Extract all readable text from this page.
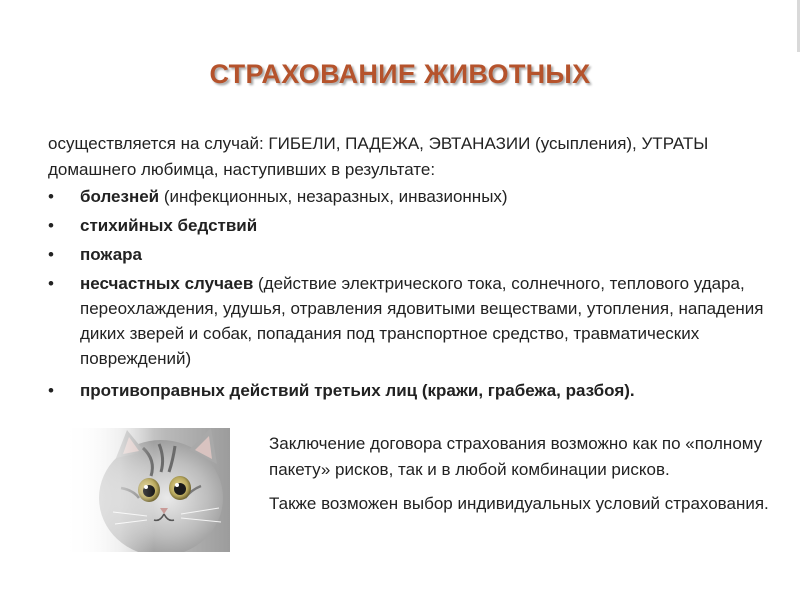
СТРАХОВАНИЕ ЖИВОТНЫХ
осуществляется на случай: ГИБЕЛИ, ПАДЕЖА, ЭВТАНАЗИИ (усыпления), УТРАТЫ домашнего любимца, наступивших в результате:
• болезней (инфекционных, незаразных, инвазионных)
• стихийных бедствий
• пожара
• несчастных случаев (действие электрического тока, солнечного, теплового удара, переохлаждения, удушья, отравления ядовитыми веществами, утопления, нападения диких зверей и собак, попадания под транспортное средство, травматических повреждений)
• противоправных действий третьих лиц (кражи, грабежа, разбоя).

Заключение договора страхования возможно как по «полному пакету» рисков, так и в любой комбинации рисков.

Также возможен выбор индивидуальных условий страхования.
